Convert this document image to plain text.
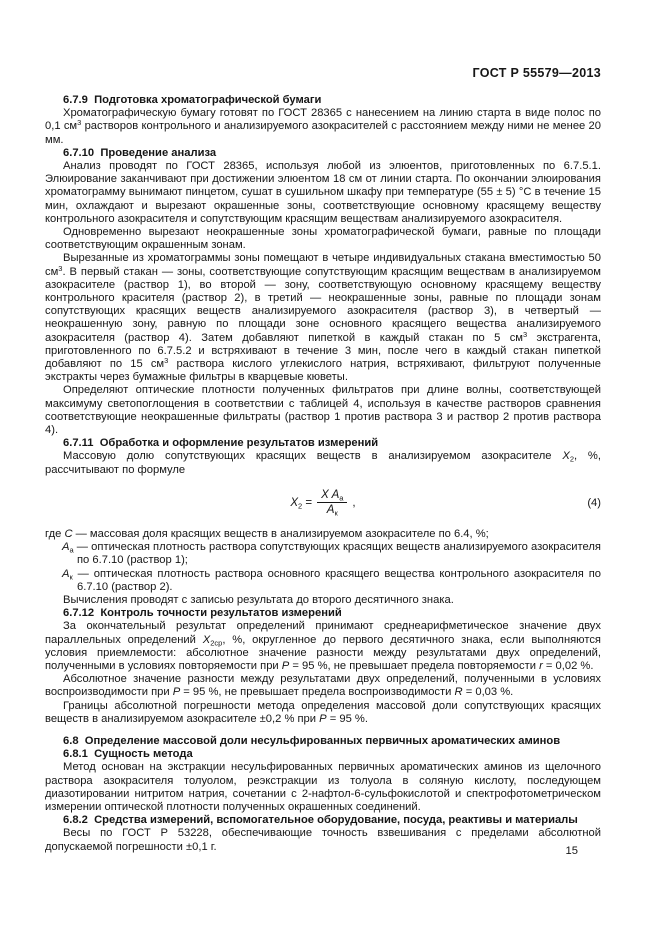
ГОСТ Р 55579—2013
6.7.9  Подготовка хроматографической бумаги
Хроматографическую бумагу готовят по ГОСТ 28365 с нанесением на линию старта в виде полос по 0,1 $см^3$ растворов контрольного и анализируемого азокрасителей с расстоянием между ними не менее 20 мм.
6.7.10  Проведение анализа
Анализ проводят по ГОСТ 28365, используя любой из элюентов, приготовленных по 6.7.5.1. Элюирование заканчивают при достижении элюентом 18 см от линии старта. По окончании элюирования хроматограмму вынимают пинцетом, сушат в сушильном шкафу при температуре (55 ± 5) °С в течение 15 мин, охлаждают и вырезают окрашенные зоны, соответствующие основному красящему веществу контрольного азокрасителя и сопутствующим красящим веществам анализируемого азокрасителя.
Одновременно вырезают неокрашенные зоны хроматографической бумаги, равные по площади соответствующим окрашенным зонам.
Вырезанные из хроматограммы зоны помещают в четыре индивидуальных стакана вместимостью 50 $см^3$. В первый стакан — зоны, соответствующие сопутствующим красящим веществам в анализируемом азокрасителе (раствор 1), во второй — зону, соответствующую основному красящему веществу контрольного красителя (раствор 2), в третий — неокрашенные зоны, равные по площади зонам сопутствующих красящих веществ анализируемого азокрасителя (раствор 3), в четвертый — неокрашенную зону, равную по площади зоне основного красящего вещества анализируемого азокрасителя (раствор 4). Затем добавляют пипеткой в каждый стакан по 5 $см^3$ экстрагента, приготовленного по 6.7.5.2 и встряхивают в течение 3 мин, после чего в каждый стакан пипеткой добавляют по 15 $см^3$ раствора кислого углекислого натрия, встряхивают, фильтруют полученные экстракты через бумажные фильтры в кварцевые кюветы.
Определяют оптические плотности полученных фильтратов при длине волны, соответствующей максимуму светопоглощения в соответствии с таблицей 4, используя в качестве растворов сравнения соответствующие неокрашенные фильтраты (раствор 1 против раствора 3 и раствор 2 против раствора 4).
6.7.11  Обработка и оформление результатов измерений
Массовую долю сопутствующих красящих веществ в анализируемом азокрасителе $X_2$, %, рассчитывают по формуле
$X_2 = \frac{X A_а}{A_к}$ ,	(4)
где C — массовая доля красящих веществ в анализируемом азокрасителе по 6.4, %;
$A_а$ — оптическая плотность раствора сопутствующих красящих веществ анализируемого азокрасителя по 6.7.10 (раствор 1);
$A_к$ — оптическая плотность раствора основного красящего вещества контрольного азокрасителя по 6.7.10 (раствор 2).
Вычисления проводят с записью результата до второго десятичного знака.
6.7.12  Контроль точности результатов измерений
За окончательный результат определений принимают среднеарифметическое значение двух параллельных определений $X_{2ср}$, %, округленное до первого десятичного знака, если выполняются условия приемлемости: абсолютное значение разности между результатами двух определений, полученными в условиях повторяемости при P = 95 %, не превышает предела повторяемости r = 0,02 %.
Абсолютное значение разности между результатами двух определений, полученными в условиях воспроизводимости при P = 95 %, не превышает предела воспроизводимости R = 0,03 %.
Границы абсолютной погрешности метода определения массовой доли сопутствующих красящих веществ в анализируемом азокрасителе ±0,2 % при P = 95 %.
6.8  Определение массовой доли несульфированных первичных ароматических аминов
6.8.1  Сущность метода
Метод основан на экстракции несульфированных первичных ароматических аминов из щелочного раствора азокрасителя толуолом, реэкстракции из толуола в соляную кислоту, последующем диазотировании нитритом натрия, сочетании с 2-нафтол-6-сульфокислотой и спектрофотометрическом измерении оптической плотности полученных окрашенных соединений.
6.8.2  Средства измерений, вспомогательное оборудование, посуда, реактивы и материалы
Весы по ГОСТ Р 53228, обеспечивающие точность взвешивания с пределами абсолютной допускаемой погрешности ±0,1 г.	15
